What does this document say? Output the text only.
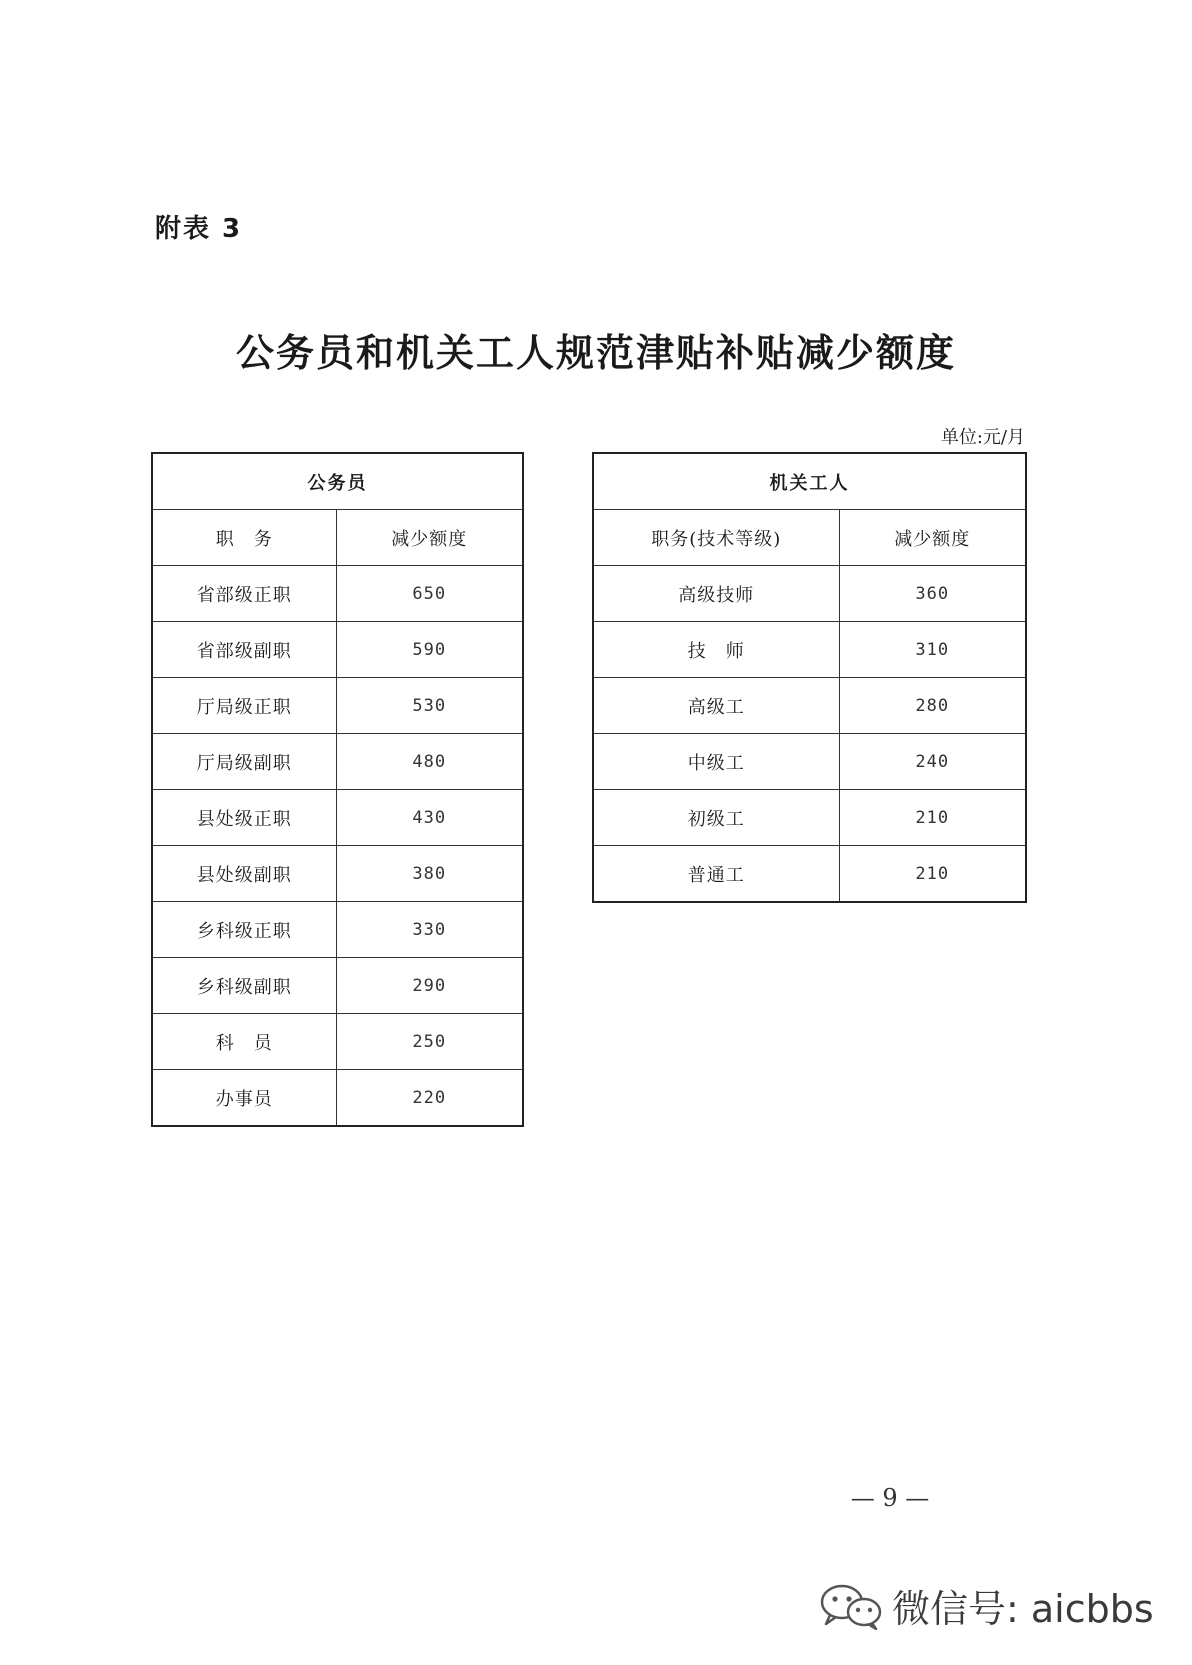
附表 3
公务员和机关工人规范津贴补贴减少额度
单位:元/月
公务员	
职　务	减少额度
省部级正职	650
省部级副职	590
厅局级正职	530
厅局级副职	480
县处级正职	430
县处级副职	380
乡科级正职	330
乡科级副职	290
科　员	250
办事员	220
机关工人	
职务(技术等级)	减少额度
高级技师	360
技　师	310
高级工	280
中级工	240
初级工	210
普通工	210
— 9 —
微信号: aicbbs
